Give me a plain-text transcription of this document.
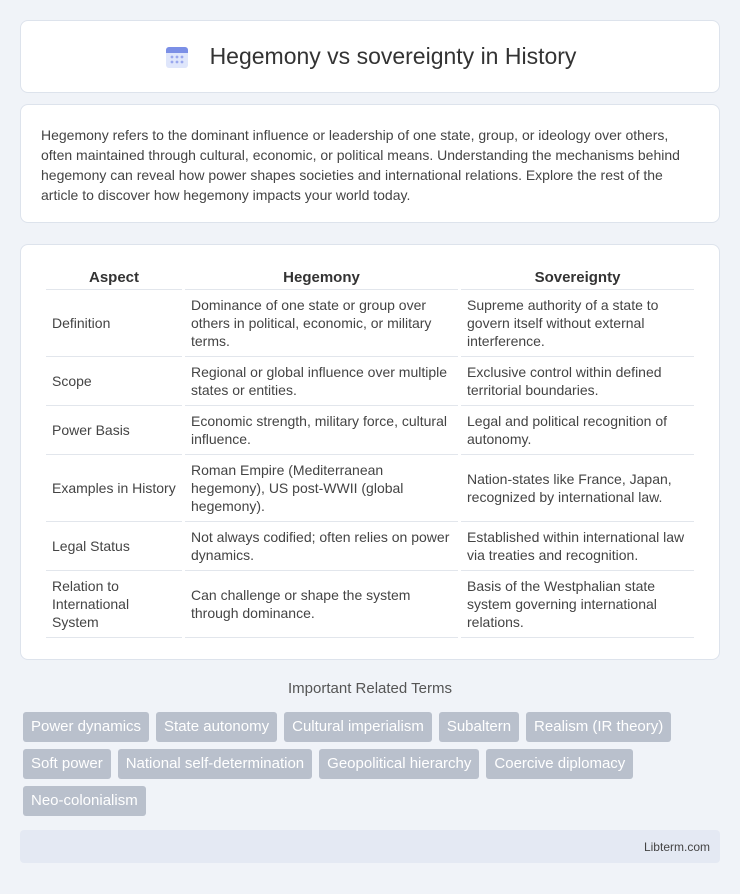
Hegemony vs sovereignty in History

Hegemony refers to the dominant influence or leadership of one state, group, or ideology over others, often maintained through cultural, economic, or political means. Understanding the mechanisms behind hegemony can reveal how power shapes societies and international relations. Explore the rest of the article to discover how hegemony impacts your world today.

Aspect	Hegemony	Sovereignty
Definition	Dominance of one state or group over others in political, economic, or military terms.	Supreme authority of a state to govern itself without external interference.
Scope	Regional or global influence over multiple states or entities.	Exclusive control within defined territorial boundaries.
Power Basis	Economic strength, military force, cultural influence.	Legal and political recognition of autonomy.
Examples in History	Roman Empire (Mediterranean hegemony), US post-WWII (global hegemony).	Nation-states like France, Japan, recognized by international law.
Legal Status	Not always codified; often relies on power dynamics.	Established within international law via treaties and recognition.
Relation to International System	Can challenge or shape the system through dominance.	Basis of the Westphalian state system governing international relations.
Important Related Terms
Power dynamics	State autonomy	Cultural imperialism	Subaltern	Realism (IR theory)
Soft power	National self-determination	Geopolitical hierarchy	Coercive diplomacy
Neo-colonialism
Libterm.com
